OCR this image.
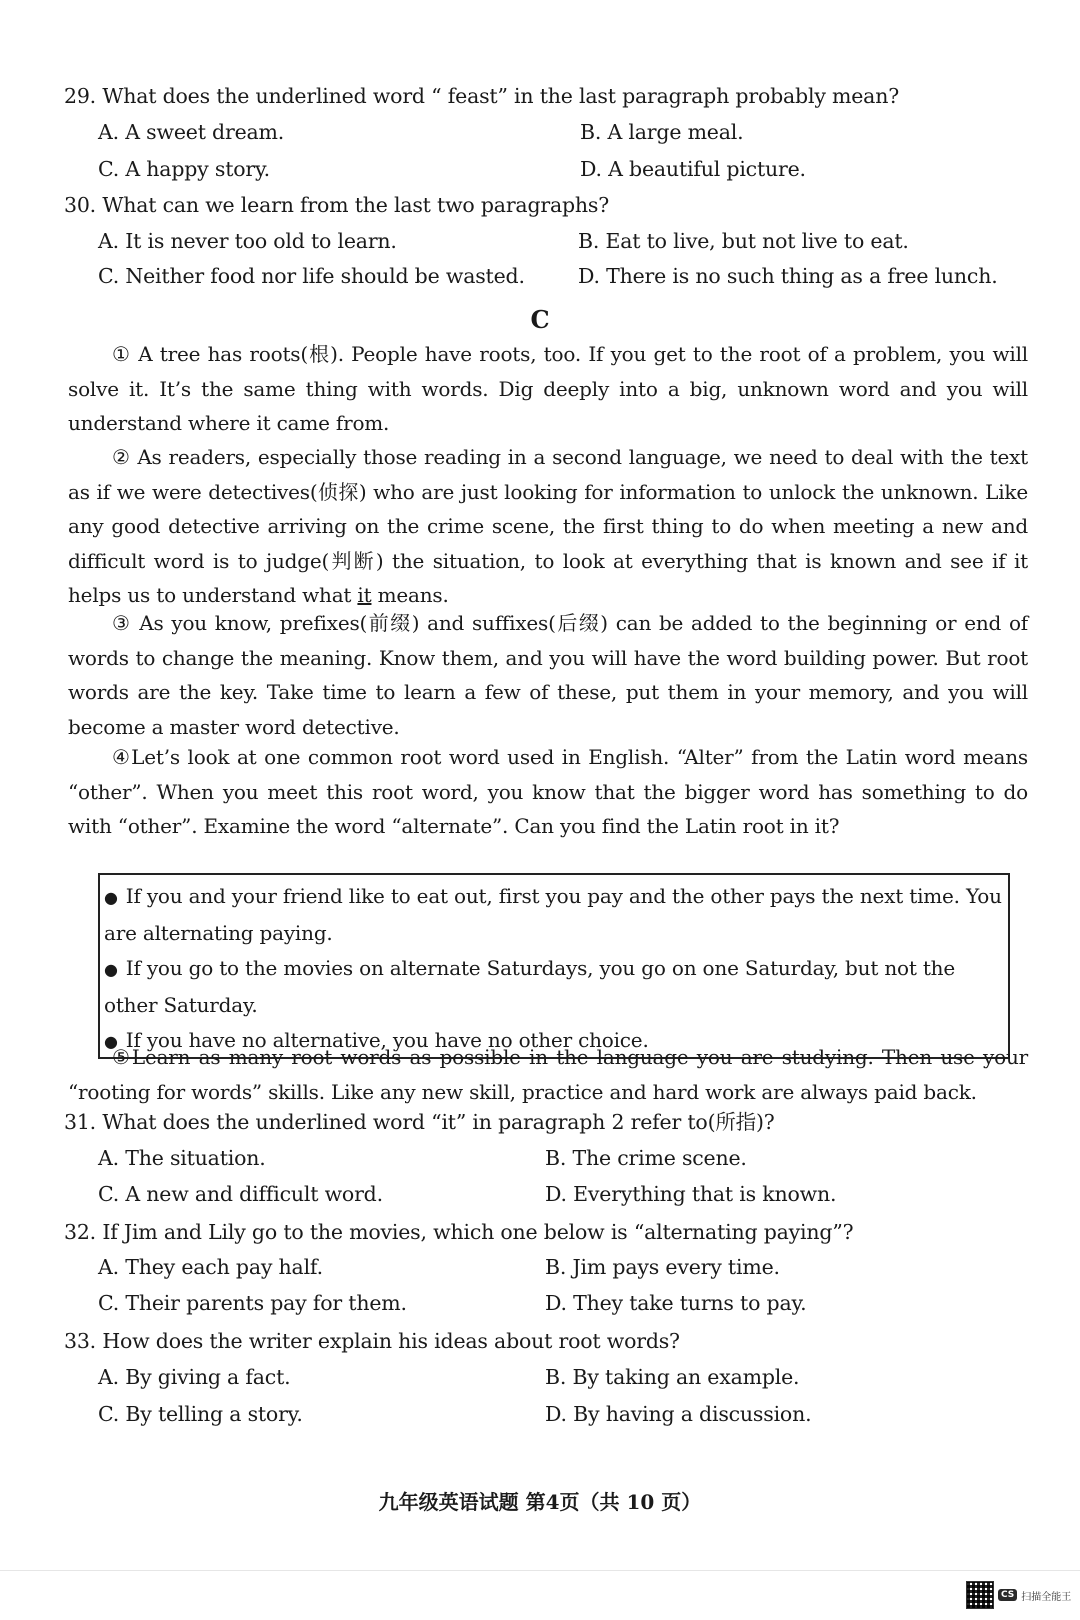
29. What does the underlined word “ feast” in the last paragraph probably mean?
A. A sweet dream.	B. A large meal.
C. A happy story.	D. A beautiful picture.
30. What can we learn from the last two paragraphs?
A. It is never too old to learn.	B. Eat to live, but not live to eat.
C. Neither food nor life should be wasted.	D. There is no such thing as a free lunch.
C
① A tree has roots(根). People have roots, too. If you get to the root of a problem, you will solve it. It’s the same thing with words. Dig deeply into a big, unknown word and you will understand where it came from.
② As readers, especially those reading in a second language, we need to deal with the text as if we were detectives(侦探) who are just looking for information to unlock the unknown. Like any good detective arriving on the crime scene, the first thing to do when meeting a new and difficult word is to judge(判断) the situation, to look at everything that is known and see if it helps us to understand what it means.
③ As you know, prefixes(前缀) and suffixes(后缀) can be added to the beginning or end of words to change the meaning. Know them, and you will have the word building power. But root words are the key. Take time to learn a few of these, put them in your memory, and you will become a master word detective.
④Let’s look at one common root word used in English. “Alter” from the Latin word means “other”. When you meet this root word, you know that the bigger word has something to do with “other”. Examine the word “alternate”. Can you find the Latin root in it?
● If you and your friend like to eat out, first you pay and the other pays the next time. You are alternating paying.
● If you go to the movies on alternate Saturdays, you go on one Saturday, but not the other Saturday.
● If you have no alternative, you have no other choice.
⑤Learn as many root words as possible in the language you are studying. Then use your “rooting for words” skills. Like any new skill, practice and hard work are always paid back.
31. What does the underlined word “it” in paragraph 2 refer to(所指)?
A. The situation.	B. The crime scene.
C. A new and difficult word.	D. Everything that is known.
32. If Jim and Lily go to the movies, which one below is “alternating paying”?
A. They each pay half.	B. Jim pays every time.
C. Their parents pay for them.	D. They take turns to pay.
33. How does the writer explain his ideas about root words?
A. By giving a fact.	B. By taking an example.
C. By telling a story.	D. By having a discussion.
九年级英语试题 第4页（共 10 页）
CS 扫描全能王
